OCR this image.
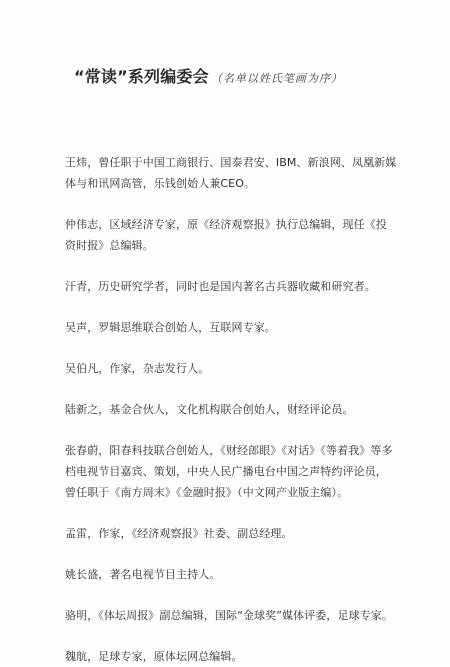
“常读”系列编委会 （名单以姓氏笔画为序）

王炜，曾任职于中国工商银行、国泰君安、IBM、新浪网、凤凰新媒体与和讯网高管，乐钱创始人兼CEO。

仲伟志，区域经济专家，原《经济观察报》执行总编辑，现任《投资时报》总编辑。

汗青，历史研究学者，同时也是国内著名古兵器收藏和研究者。

吴声，罗辑思维联合创始人，互联网专家。

吴伯凡，作家，杂志发行人。

陆新之，基金合伙人，文化机构联合创始人，财经评论员。

张春蔚，阳春科技联合创始人，《财经郎眼》《对话》《等着我》等多档电视节目嘉宾、策划，中央人民广播电台中国之声特约评论员，曾任职于《南方周末》《金融时报》（中文网产业版主编）。

孟雷，作家，《经济观察报》社委、副总经理。

姚长盛，著名电视节目主持人。

骆明，《体坛周报》副总编辑，国际“金球奖”媒体评委，足球专家。

魏航，足球专家，原体坛网总编辑。
